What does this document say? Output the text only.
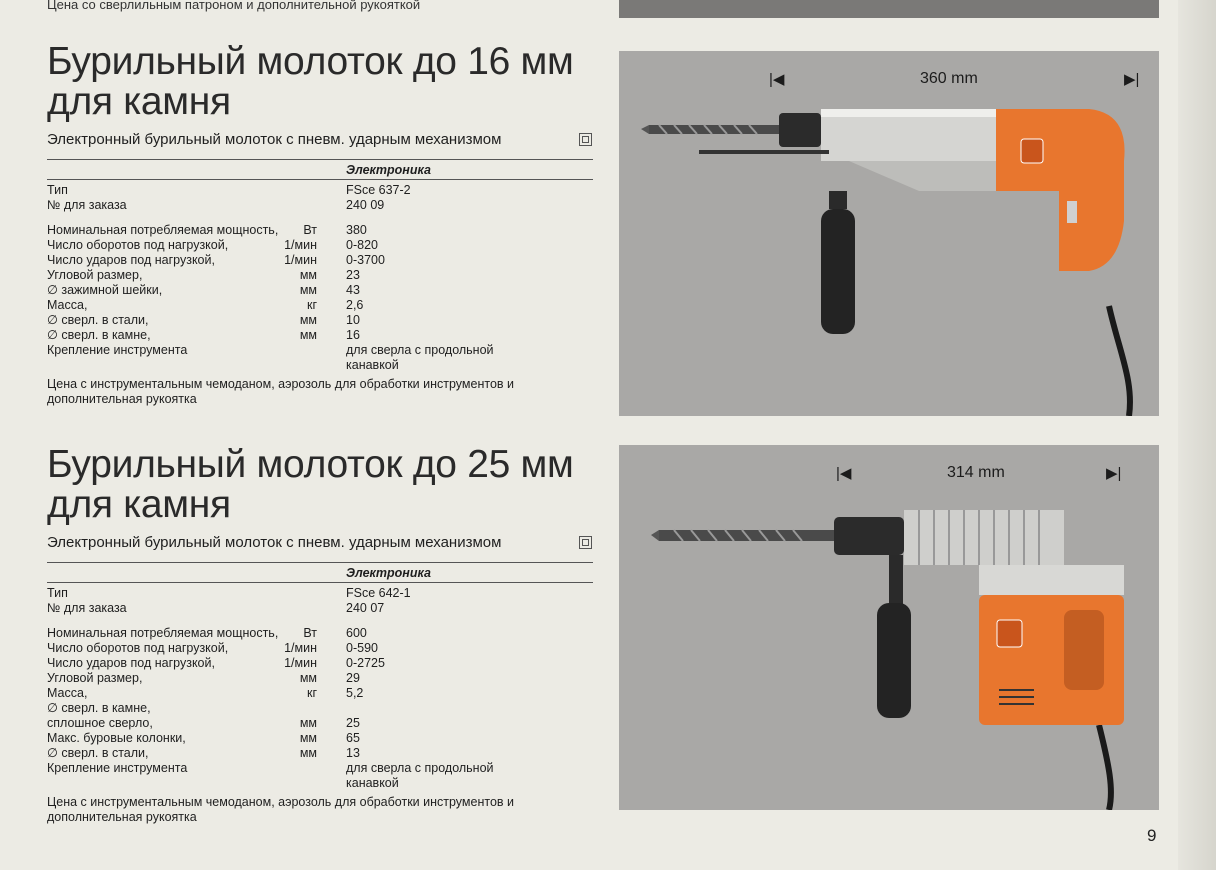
Цена со сверлильным патроном и дополнительной рукояткой
Бурильный молоток до 16 мм
для камня
Электронный бурильный молоток с пневм. ударным механизмом
Электроника
Тип	FSce 637-2
№ для заказа	240 09
Номинальная потребляемая мощность, Вт 380
Число оборотов под нагрузкой,	1/мин 0-820
Число ударов под нагрузкой,	1/мин 0-3700
Угловой размер,	мм 23
∅ зажимной шейки,	мм 43
Масса,	кг 2,6
∅ сверл. в стали,	мм 10
∅ сверл. в камне,	мм 16
Крепление инструмента	для сверла с продольной канавкой
Цена с инструментальным чемоданом, аэрозоль для обработки инструментов и дополнительная рукоятка
Бурильный молоток до 25 мм
для камня
Электронный бурильный молоток с пневм. ударным механизмом
Электроника
Тип	FSce 642-1
№ для заказа	240 07
Номинальная потребляемая мощность, Вт 600
Число оборотов под нагрузкой,	1/мин 0-590
Число ударов под нагрузкой,	1/мин 0-2725
Угловой размер,	мм 29
Масса,	кг 5,2
∅ сверл. в камне,
сплошное сверло,	мм 25
Макс. буровые колонки,	мм 65
∅ сверл. в стали,	мм 13
Крепление инструмента	для сверла с продольной канавкой
Цена с инструментальным чемоданом, аэрозоль для обработки инструментов и дополнительная рукоятка
|◀	360 mm	▶|
|◀	314 mm	▶|
9
